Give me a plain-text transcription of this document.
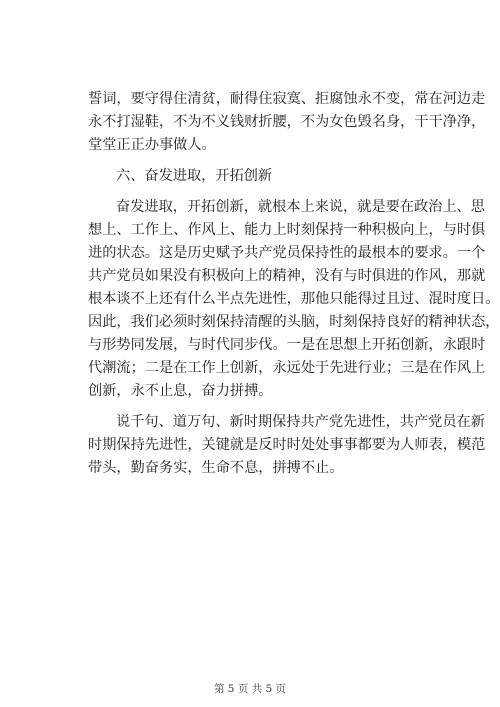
誓词，要守得住清贫，耐得住寂寞、拒腐蚀永不变，常在河边走
永不打湿鞋，不为不义钱财折腰，不为女色毁名身，干干净净，
堂堂正正办事做人。
六、奋发进取，开拓创新
奋发进取，开拓创新，就根本上来说，就是要在政治上、思
想上、工作上、作风上、能力上时刻保持一种积极向上，与时俱
进的状态。这是历史赋予共产党员保持性的最根本的要求。一个
共产党员如果没有积极向上的精神，没有与时俱进的作风，那就
根本谈不上还有什么半点先进性，那他只能得过且过、混时度日。
因此，我们必须时刻保持清醒的头脑，时刻保持良好的精神状态，
与形势同发展，与时代同步伐。一是在思想上开拓创新，永跟时
代潮流；二是在工作上创新，永远处于先进行业；三是在作风上
创新，永不止息，奋力拼搏。
说千句、道万句、新时期保持共产党先进性，共产党员在新
时期保持先进性，关键就是反时时处处事事都要为人师表，模范
带头，勤奋务实，生命不息，拼搏不止。
第 5 页 共 5 页
